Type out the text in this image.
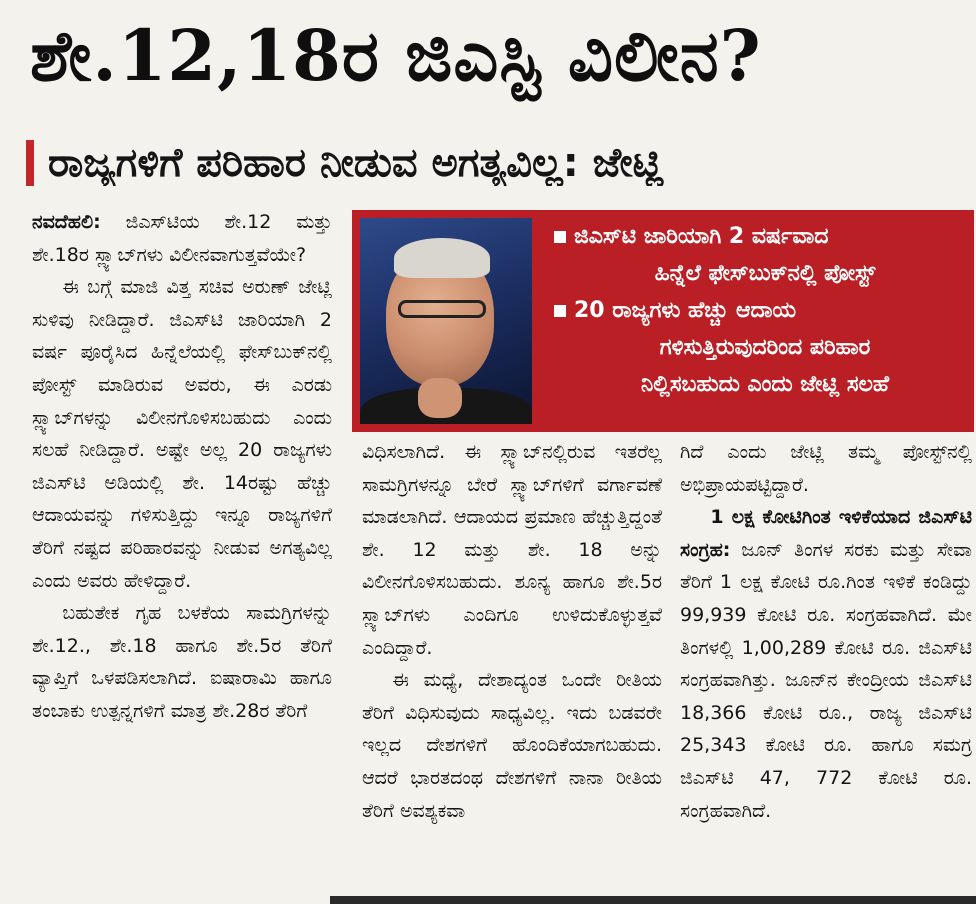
ಶೇ.12,18ರ ಜಿಎಸ್ಟಿ ವಿಲೀನ?
ರಾಜ್ಯಗಳಿಗೆ ಪರಿಹಾರ ನೀಡುವ ಅಗತ್ಯವಿಲ್ಲ: ಜೇಟ್ಲಿ

ನವದೆಹಲಿ: ಜಿಎಸ್‌ಟಿಯ ಶೇ.12 ಮತ್ತು ಶೇ.18ರ ಸ್ಲ್ಯಾಬ್‌ಗಳು ವಿಲೀನವಾಗುತ್ತವೆಯೇ?

ಈ ಬಗ್ಗೆ ಮಾಜಿ ವಿತ್ತ ಸಚಿವ ಅರುಣ್ ಜೇಟ್ಲಿ ಸುಳಿವು ನೀಡಿದ್ದಾರೆ. ಜಿಎಸ್‌ಟಿ ಜಾರಿಯಾಗಿ 2 ವರ್ಷ ಪೂರೈಸಿದ ಹಿನ್ನೆಲೆಯಲ್ಲಿ ಫೇಸ್‌ಬುಕ್‌ನಲ್ಲಿ ಪೋಸ್ಟ್ ಮಾಡಿರುವ ಅವರು, ಈ ಎರಡು ಸ್ಲ್ಯಾಬ್‌ಗಳನ್ನು ವಿಲೀನಗೊಳಿಸಬಹುದು ಎಂದು ಸಲಹೆ ನೀಡಿದ್ದಾರೆ. ಅಷ್ಟೇ ಅಲ್ಲ 20 ರಾಜ್ಯಗಳು ಜಿಎಸ್‌ಟಿ ಅಡಿಯಲ್ಲಿ ಶೇ. 14ರಷ್ಟು ಹೆಚ್ಚು ಆದಾಯವನ್ನು ಗಳಿಸುತ್ತಿದ್ದು ಇನ್ನೂ ರಾಜ್ಯಗಳಿಗೆ ತೆರಿಗೆ ನಷ್ಟದ ಪರಿಹಾರವನ್ನು ನೀಡುವ ಅಗತ್ಯವಿಲ್ಲ ಎಂದು ಅವರು ಹೇಳಿದ್ದಾರೆ.

ಬಹುತೇಕ ಗೃಹ ಬಳಕೆಯ ಸಾಮಗ್ರಿಗಳನ್ನು ಶೇ.12., ಶೇ.18 ಹಾಗೂ ಶೇ.5ರ ತೆರಿಗೆ ವ್ಯಾಪ್ತಿಗೆ ಒಳಪಡಿಸಲಾಗಿದೆ. ಐಷಾರಾಮಿ ಹಾಗೂ ತಂಬಾಕು ಉತ್ಪನ್ನಗಳಿಗೆ ಮಾತ್ರ ಶೇ.28ರ ತೆರಿಗೆ

ಜಿಎಸ್‌ಟಿ ಜಾರಿಯಾಗಿ 2 ವರ್ಷವಾದ
ಹಿನ್ನೆಲೆ ಫೇಸ್‌ಬುಕ್‌ನಲ್ಲಿ ಪೋಸ್ಟ್
20 ರಾಜ್ಯಗಳು ಹೆಚ್ಚು ಆದಾಯ
ಗಳಿಸುತ್ತಿರುವುದರಿಂದ ಪರಿಹಾರ
ನಿಲ್ಲಿಸಬಹುದು ಎಂದು ಜೇಟ್ಲಿ ಸಲಹೆ

ವಿಧಿಸಲಾಗಿದೆ. ಈ ಸ್ಲ್ಯಾಬ್‌ನಲ್ಲಿರುವ ಇತರೆಲ್ಲ ಸಾಮಗ್ರಿಗಳನ್ನೂ ಬೇರೆ ಸ್ಲ್ಯಾಬ್‌ಗಳಿಗೆ ವರ್ಗಾವಣೆ ಮಾಡಲಾಗಿದೆ. ಆದಾಯದ ಪ್ರಮಾಣ ಹೆಚ್ಚುತ್ತಿದ್ದಂತೆ ಶೇ. 12 ಮತ್ತು ಶೇ. 18 ಅನ್ನು ವಿಲೀನಗೊಳಿಸಬಹುದು. ಶೂನ್ಯ ಹಾಗೂ ಶೇ.5ರ ಸ್ಲ್ಯಾಬ್‌ಗಳು ಎಂದಿಗೂ ಉಳಿದುಕೊಳ್ಳುತ್ತವೆ ಎಂದಿದ್ದಾರೆ.

ಈ ಮಧ್ಯೆ, ದೇಶಾದ್ಯಂತ ಒಂದೇ ರೀತಿಯ ತೆರಿಗೆ ವಿಧಿಸುವುದು ಸಾಧ್ಯವಿಲ್ಲ. ಇದು ಬಡವರೇ ಇಲ್ಲದ ದೇಶಗಳಿಗೆ ಹೊಂದಿಕೆಯಾಗಬಹುದು. ಆದರೆ ಭಾರತದಂಥ ದೇಶಗಳಿಗೆ ನಾನಾ ರೀತಿಯ ತೆರಿಗೆ ಅವಶ್ಯಕವಾ

ಗಿದೆ ಎಂದು ಜೇಟ್ಲಿ ತಮ್ಮ ಪೋಸ್ಟ್‌ನಲ್ಲಿ ಅಭಿಪ್ರಾಯಪಟ್ಟಿದ್ದಾರೆ.

1 ಲಕ್ಷ ಕೋಟಿಗಿಂತ ಇಳಿಕೆಯಾದ ಜಿಎಸ್‌ಟಿ ಸಂಗ್ರಹ: ಜೂನ್ ತಿಂಗಳ ಸರಕು ಮತ್ತು ಸೇವಾ ತೆರಿಗೆ 1 ಲಕ್ಷ ಕೋಟಿ ರೂ.ಗಿಂತ ಇಳಿಕೆ ಕಂಡಿದ್ದು 99,939 ಕೋಟಿ ರೂ. ಸಂಗ್ರಹವಾಗಿದೆ. ಮೇ ತಿಂಗಳಲ್ಲಿ 1,00,289 ಕೋಟಿ ರೂ. ಜಿಎಸ್‌ಟಿ ಸಂಗ್ರಹವಾಗಿತ್ತು. ಜೂನ್‌ನ ಕೇಂದ್ರೀಯ ಜಿಎಸ್‌ಟಿ 18,366 ಕೋಟಿ ರೂ., ರಾಜ್ಯ ಜಿಎಸ್‌ಟಿ 25,343 ಕೋಟಿ ರೂ. ಹಾಗೂ ಸಮಗ್ರ ಜಿಎಸ್‌ಟಿ 47, 772 ಕೋಟಿ ರೂ. ಸಂಗ್ರಹವಾಗಿದೆ.
